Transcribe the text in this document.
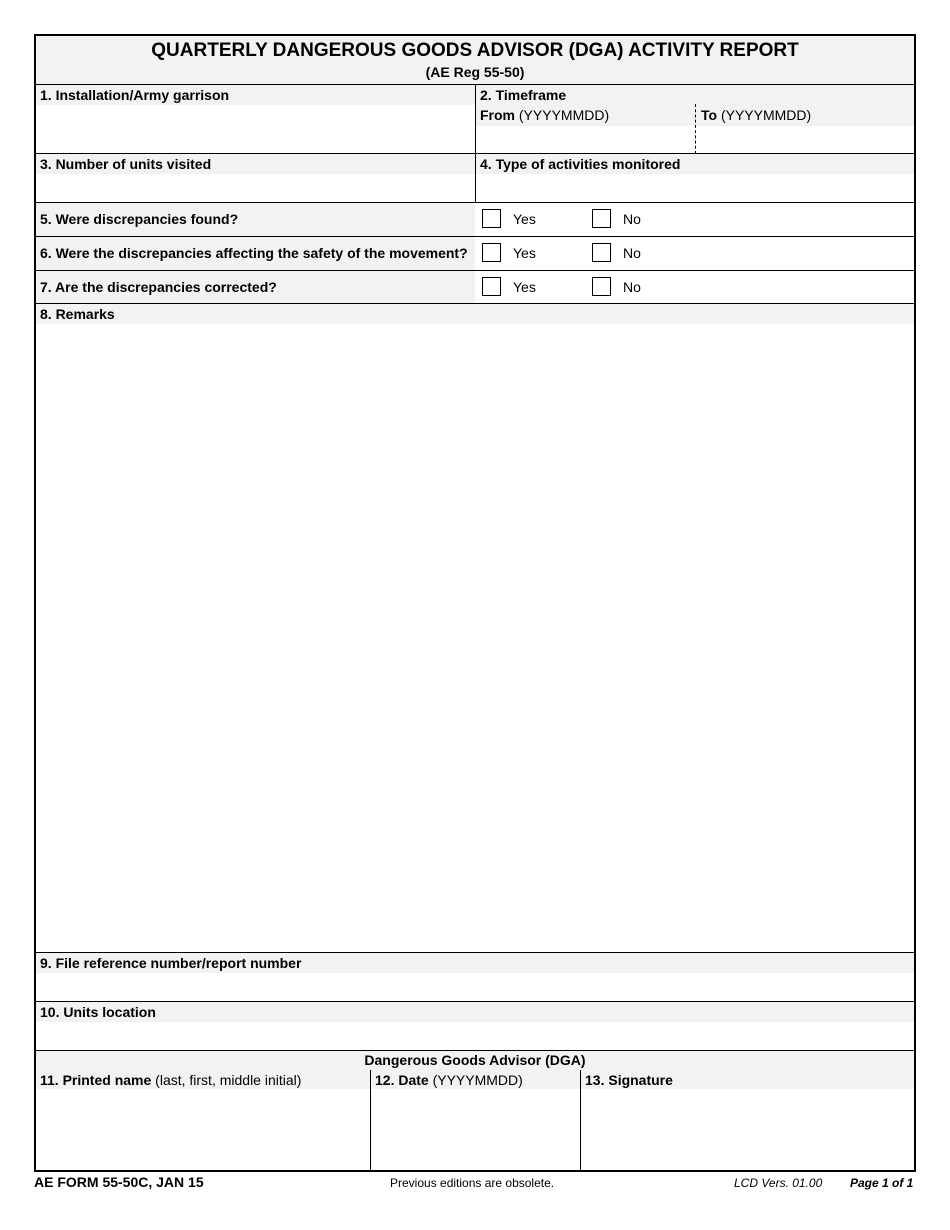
QUARTERLY DANGEROUS GOODS ADVISOR (DGA) ACTIVITY REPORT
(AE Reg 55-50)
1. Installation/Army garrison	2. Timeframe
From (YYYYMMDD)	To (YYYYMMDD)
3. Number of units visited	4. Type of activities monitored
5. Were discrepancies found?	Yes	No
6. Were the discrepancies affecting the safety of the movement?	Yes	No
7. Are the discrepancies corrected?	Yes	No
8. Remarks
9. File reference number/report number
10. Units location
Dangerous Goods Advisor (DGA)
11. Printed name (last, first, middle initial)	12. Date (YYYYMMDD)	13. Signature
AE FORM 55-50C, JAN 15	Previous editions are obsolete.	LCD Vers. 01.00 Page 1 of 1
